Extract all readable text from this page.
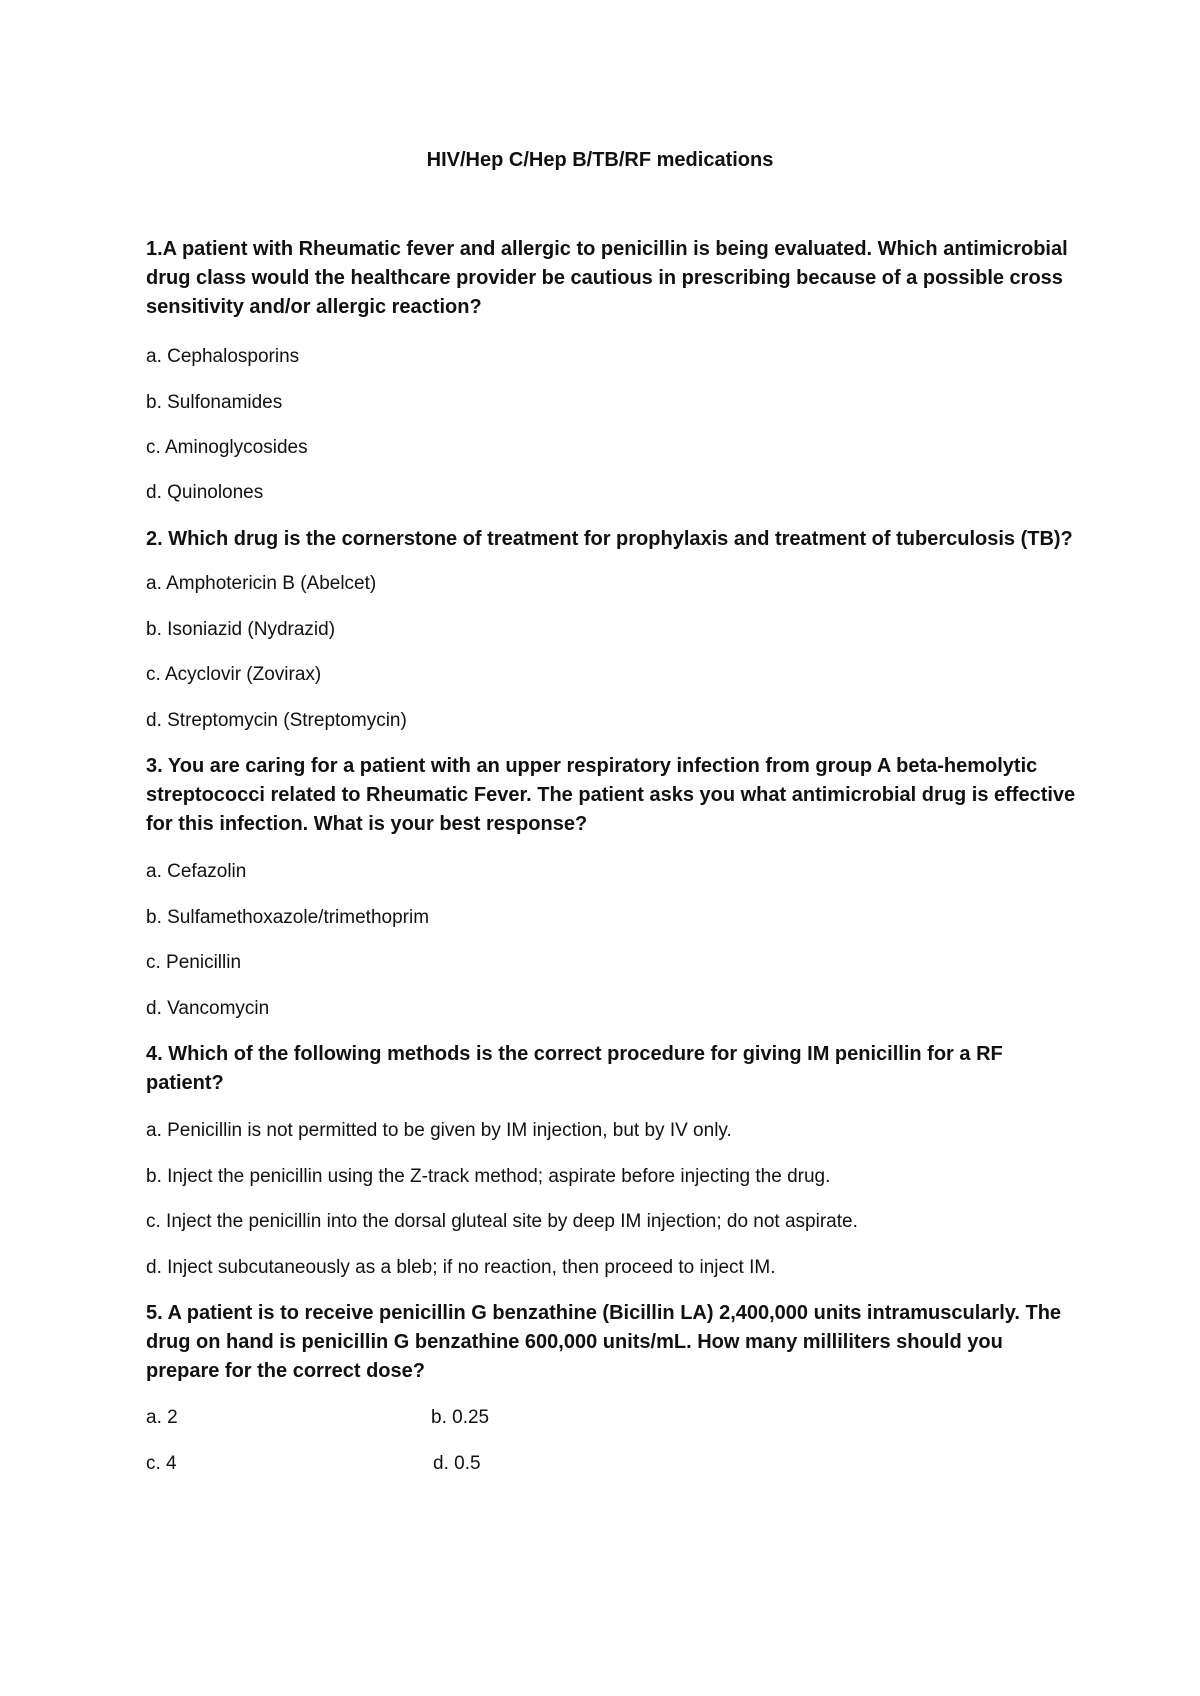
HIV/Hep C/Hep B/TB/RF medications
1.A patient with Rheumatic fever and allergic to penicillin is being evaluated. Which antimicrobial drug class would the healthcare provider be cautious in prescribing because of a possible cross sensitivity and/or allergic reaction?
a. Cephalosporins
b. Sulfonamides
c. Aminoglycosides
d. Quinolones
2. Which drug is the cornerstone of treatment for prophylaxis and treatment of tuberculosis (TB)?
a. Amphotericin B (Abelcet)
b. Isoniazid (Nydrazid)
c. Acyclovir (Zovirax)
d. Streptomycin (Streptomycin)
3. You are caring for a patient with an upper respiratory infection from group A beta-hemolytic streptococci related to Rheumatic Fever. The patient asks you what antimicrobial drug is effective for this infection. What is your best response?
a. Cefazolin
b. Sulfamethoxazole/trimethoprim
c. Penicillin
d. Vancomycin
4. Which of the following methods is the correct procedure for giving IM penicillin for a RF patient?
a. Penicillin is not permitted to be given by IM injection, but by IV only.
b. Inject the penicillin using the Z-track method; aspirate before injecting the drug.
c. Inject the penicillin into the dorsal gluteal site by deep IM injection; do not aspirate.
d. Inject subcutaneously as a bleb; if no reaction, then proceed to inject IM.
5. A patient is to receive penicillin G benzathine (Bicillin LA) 2,400,000 units intramuscularly. The drug on hand is penicillin G benzathine 600,000 units/mL. How many milliliters should you prepare for the correct dose?
a. 2	b. 0.25
c. 4	d. 0.5
